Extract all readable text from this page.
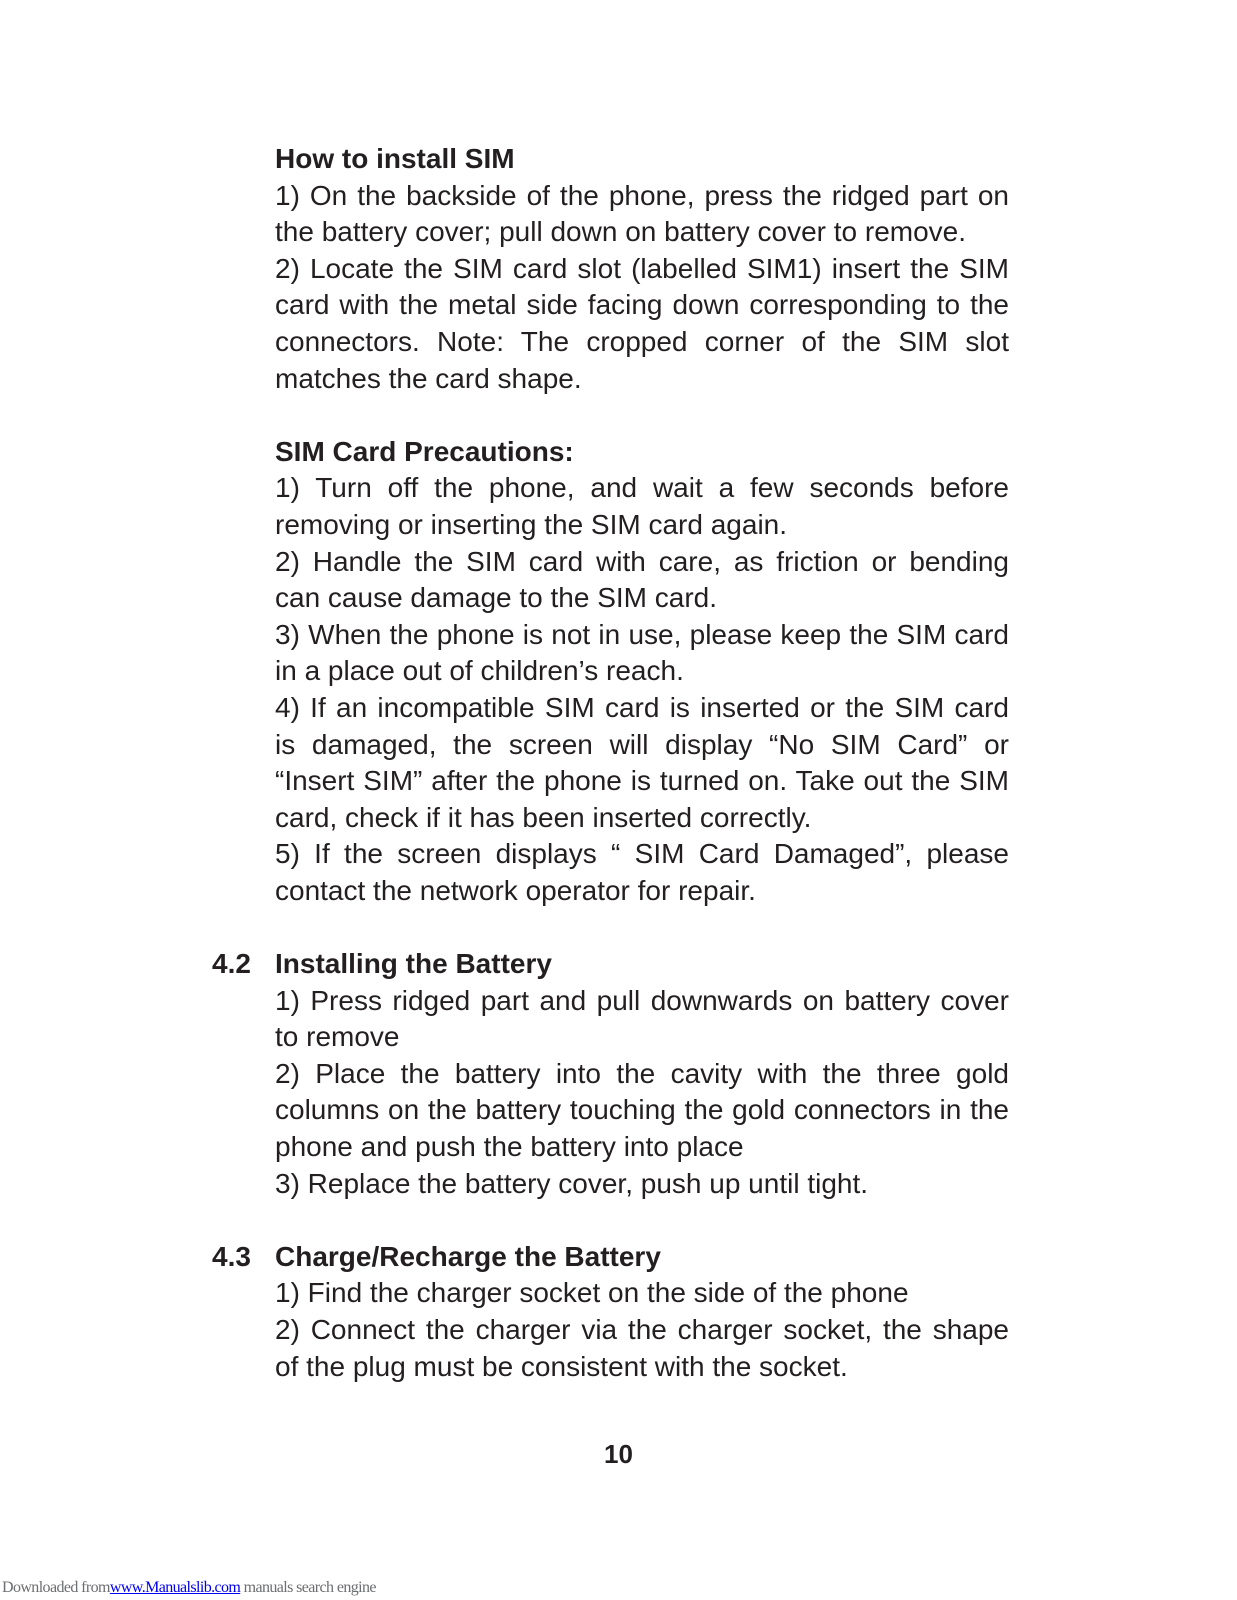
How to install SIM

1) On the backside of the phone, press the ridged part on the battery cover; pull down on battery cover to remove.

2) Locate the SIM card slot (labelled SIM1) insert the SIM card with the metal side facing down corresponding to the connectors. Note: The cropped corner of the SIM slot matches the card shape.

SIM Card Precautions:

1) Turn off the phone, and wait a few seconds before removing or inserting the SIM card again.

2) Handle the SIM card with care, as friction or bending can cause damage to the SIM card.

3) When the phone is not in use, please keep the SIM card in a place out of children’s reach.

4) If an incompatible SIM card is inserted or the SIM card is damaged, the screen will display “No SIM Card” or “Insert SIM” after the phone is turned on. Take out the SIM card, check if it has been inserted correctly.

5) If the screen displays “ SIM Card Damaged”, please contact the network operator for repair.

4.2 Installing the Battery

1) Press ridged part and pull downwards on battery cover to remove

2) Place the battery into the cavity with the three gold columns on the battery touching the gold connectors in the phone and push the battery into place

3) Replace the battery cover, push up until tight.

4.3 Charge/Recharge the Battery

1) Find the charger socket on the side of the phone

2) Connect the charger via the charger socket, the shape of the plug must be consistent with the socket.

10
Downloaded fromwww.Manualslib.com manuals search engine
